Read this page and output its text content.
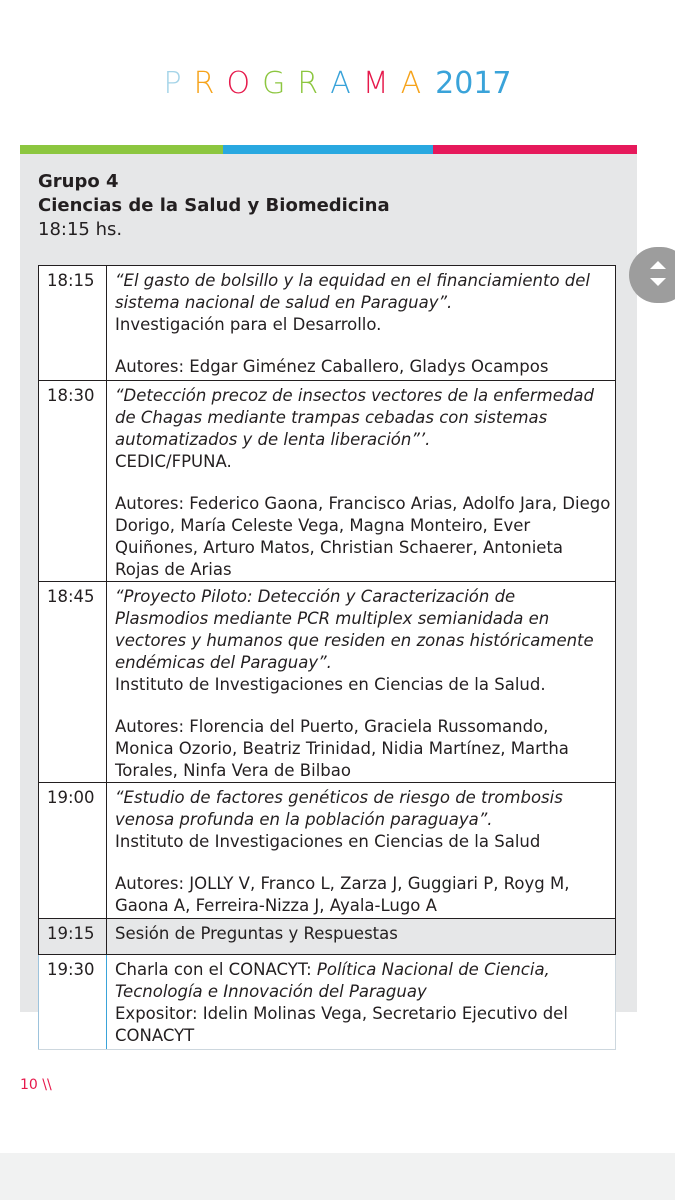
P R O G R A M A 2017
Grupo 4
Ciencias de la Salud y Biomedicina
18:15 hs.
18:15	“El gasto de bolsillo y la equidad en el financiamiento del sistema nacional de salud en Paraguay”.
Investigación para el Desarrollo.
Autores: Edgar Giménez Caballero, Gladys Ocampos

18:30	“Detección precoz de insectos vectores de la enfermedad de Chagas mediante trampas cebadas con sistemas automatizados y de lenta liberación”’.
CEDIC/FPUNA.
Autores: Federico Gaona, Francisco Arias, Adolfo Jara, Diego Dorigo, María Celeste Vega, Magna Monteiro, Ever Quiñones, Arturo Matos, Christian Schaerer, Antonieta Rojas de Arias

18:45	“Proyecto Piloto: Detección y Caracterización de Plasmodios mediante PCR multiplex semianidada en vectores y humanos que residen en zonas históricamente endémicas del Paraguay”.
Instituto de Investigaciones en Ciencias de la Salud.
Autores: Florencia del Puerto, Graciela Russomando, Monica Ozorio, Beatriz Trinidad, Nidia Martínez, Martha Torales, Ninfa Vera de Bilbao

19:00	“Estudio de factores genéticos de riesgo de trombosis venosa profunda en la población paraguaya”.
Instituto de Investigaciones en Ciencias de la Salud
Autores: JOLLY V, Franco L, Zarza J, Guggiari P, Royg M, Gaona A, Ferreira-Nizza J, Ayala-Lugo A

19:15	Sesión de Preguntas y Respuestas
19:30	Charla con el CONACYT: Política Nacional de Ciencia, Tecnología e Innovación del Paraguay
Expositor: Idelin Molinas Vega, Secretario Ejecutivo del CONACYT
10 \\
